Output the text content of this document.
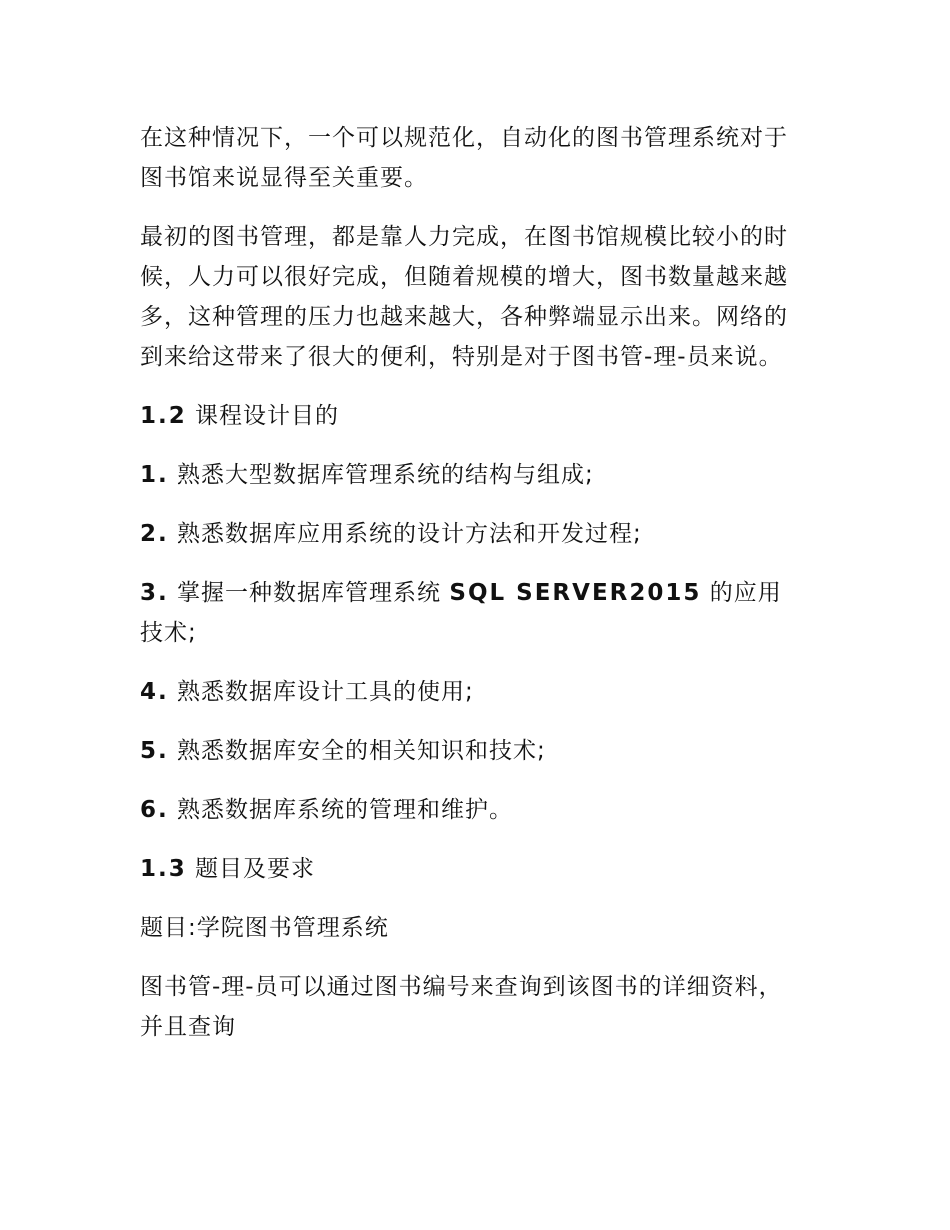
在这种情况下，一个可以规范化，自动化的图书管理系统对于图书馆来说显得至关重要。

最初的图书管理，都是靠人力完成，在图书馆规模比较小的时候，人力可以很好完成，但随着规模的增大，图书数量越来越多，这种管理的压力也越来越大，各种弊端显示出来。网络的到来给这带来了很大的便利，特别是对于图书管-理-员来说。

1.2 课程设计目的

1. 熟悉大型数据库管理系统的结构与组成;

2. 熟悉数据库应用系统的设计方法和开发过程;

3. 掌握一种数据库管理系统 SQL SERVER2015 的应用技术;

4. 熟悉数据库设计工具的使用;

5. 熟悉数据库安全的相关知识和技术;

6. 熟悉数据库系统的管理和维护。

1.3 题目及要求

题目:学院图书管理系统

图书管-理-员可以通过图书编号来查询到该图书的详细资料，并且查询
